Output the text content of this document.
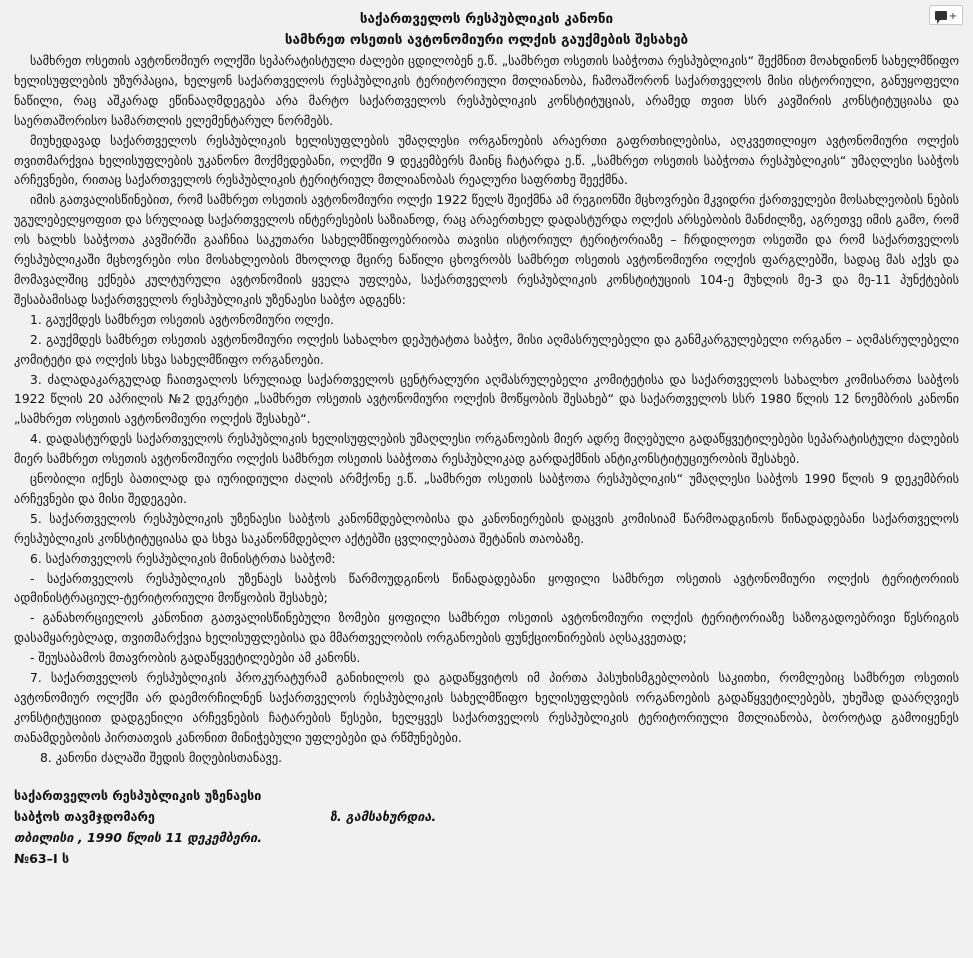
+
საქართველოს რესპუბლიკის კანონი
სამხრეთ ოსეთის ავტონომიური ოლქის გაუქმების შესახებ

სამხრეთ ოსეთის ავტონომიურ ოლქში სეპარატისტული ძალები ცდილობენ ე.წ. „სამხრეთ ოსეთის საბჭოთა რესპუბლიკის“ შექმნით მოახდინონ სახელმწიფო ხელისუფლების უზურპაცია, ხელყონ საქართველოს რესპუბლიკის ტერიტორიული მთლიანობა, ჩამოაშორონ საქართველოს მისი ისტორიული, განუყოფელი ნაწილი, რაც აშკარად ეწინააღმდეგება არა მარტო საქართველოს რესპუბლიკის კონსტიტუციას, არამედ თვით სსრ კავშირის კონსტიტუციასა და საერთაშორისო სამართლის ელემენტარულ ნორმებს.

მიუხედავად საქართველოს რესპუბლიკის ხელისუფლების უმაღლესი ორგანოების არაერთი გაფრთხილებისა, აღკვეთილიყო ავტონომიური ოლქის თვითმარქვია ხელისუფლების უკანონო მოქმედებანი, ოლქში 9 დეკემბერს მაინც ჩატარდა ე.წ. „სამხრეთ ოსეთის საბჭოთა რესპუბლიკის“ უმაღლესი საბჭოს არჩევნები, რითაც საქართველოს რესპუბლიკის ტერიტრიულ მთლიანობას რეალური საფრთხე შეექმნა.

იმის გათვალისწინებით, რომ სამხრეთ ოსეთის ავტონომიური ოლქი 1922 წელს შეიქმნა ამ რეგიონში მცხოვრები მკვიდრი ქართველები მოსახლეობის ნების უგულებელყოფით და სრულიად საქართველოს ინტერესების საზიანოდ, რაც არაერთხელ დადასტურდა ოლქის არსებობის მანძილზე, აგრეთვე იმის გამო, რომ ოს ხალხს საბჭოთა კავშირში გააჩნია საკუთარი სახელმწიფოებრიობა თავისი ისტორიულ ტერიტორიაზე – ჩრდილოეთ ოსეთში და რომ საქართველოს რესპუბლიკაში მცხოვრები ოსი მოსახლეობის მხოლოდ მცირე ნაწილი ცხოვრობს სამხრეთ ოსეთის ავტონომიური ოლქის ფარგლებში, სადაც მას აქვს და მომავალშიც ექნება კულტურული ავტონომიის ყველა უფლება, საქართველოს რესპუბლიკის კონსტიტუციის 104-ე მუხლის მე-3 და მე-11 პუნქტების შესაბამისად საქართველოს რესპუბლიკის უზენაესი საბჭო ადგენს:

1. გაუქმდეს სამხრეთ ოსეთის ავტონომიური ოლქი.

2. გაუქმდეს სამხრეთ ოსეთის ავტონომიური ოლქის სახალხო დეპუტატთა საბჭო, მისი აღმასრულებელი და განმკარგულებელი ორგანო – აღმასრულებელი კომიტეტი და ოლქის სხვა სახელმწიფო ორგანოები.

3. ძალადაკარგულად ჩაითვალოს სრულიად საქართველოს ცენტრალური აღმასრულებელი კომიტეტისა და საქართველოს სახალხო კომისართა საბჭოს 1922 წლის 20 აპრილის №2 დეკრეტი „სამხრეთ ოსეთის ავტონომიური ოლქის მოწყობის შესახებ“ და საქართველოს სსრ 1980 წლის 12 ნოემბრის კანონი „სამხრეთ ოსეთის ავტონომიური ოლქის შესახებ“.

4. დადასტურდეს საქართველოს რესპუბლიკის ხელისუფლების უმაღლესი ორგანოების მიერ ადრე მიღებული გადაწყვეტილებები სეპარატისტული ძალების მიერ სამხრეთ ოსეთის ავტონომიური ოლქის სამხრეთ ოსეთის საბჭოთა რესპუბლიკად გარდაქმნის ანტიკონსტიტუციურობის შესახებ.

ცნობილი იქნეს ბათილად და იურიდიული ძალის არმქონე ე.წ. „სამხრეთ ოსეთის საბჭოთა რესპუბლიკის“ უმაღლესი საბჭოს 1990 წლის 9 დეკემბრის არჩევნები და მისი შედეგები.

5. საქართველოს რესპუბლიკის უზენაესი საბჭოს კანონმდებლობისა და კანონიერების დაცვის კომისიამ წარმოადგინოს წინადადებანი საქართველოს რესპუბლიკის კონსტიტუციასა და სხვა საკანონმდებლო აქტებში ცვლილებათა შეტანის თაობაზე.

6. საქართველოს რესპუბლიკის მინისტრთა საბჭომ:

- საქართველოს რესპუბლიკის უზენაეს საბჭოს წარმოუდგინოს წინადადებანი ყოფილი სამხრეთ ოსეთის ავტონომიური ოლქის ტერიტორიის ადმინისტრაციულ-ტერიტორიული მოწყობის შესახებ;

- განახორციელოს კანონით გათვალისწინებული ზომები ყოფილი სამხრეთ ოსეთის ავტონომიური ოლქის ტერიტორიაზე საზოგადოებრივი წესრიგის დასამყარებლად, თვითმარქვია ხელისუფლებისა და მმართველობის ორგანოების ფუნქციონირების აღსაკვეთად;

- შეუსაბამოს მთავრობის გადაწყვეტილებები ამ კანონს.

7. საქართველოს რესპუბლიკის პროკურატურამ განიხილოს და გადაწყვიტოს იმ პირთა პასუხისმგებლობის საკითხი, რომლებიც სამხრეთ ოსეთის ავტონომიურ ოლქში არ დაემორჩილნენ საქართველოს რესპუბლიკის სახელმწიფო ხელისუფლების ორგანოების გადაწყვეტილებებს, უხეშად დაარღვიეს კონსტიტუციით დადგენილი არჩევნების ჩატარების წესები, ხელყვეს საქართველოს რესპუბლიკის ტერიტორიული მთლიანობა, ბოროტად გამოიყენეს თანამდებობის პირთათვის კანონით მინიჭებული უფლებები და რწმუნებები.

8. კანონი ძალაში შედის მიღებისთანავე.

საქართველოს რესპუბლიკის უზენაესი
საბჭოს თავმჯდომარე	ზ. გამსახურდია.
თბილისი , 1990 წლის 11 დეკემბერი.
№63–I ს
